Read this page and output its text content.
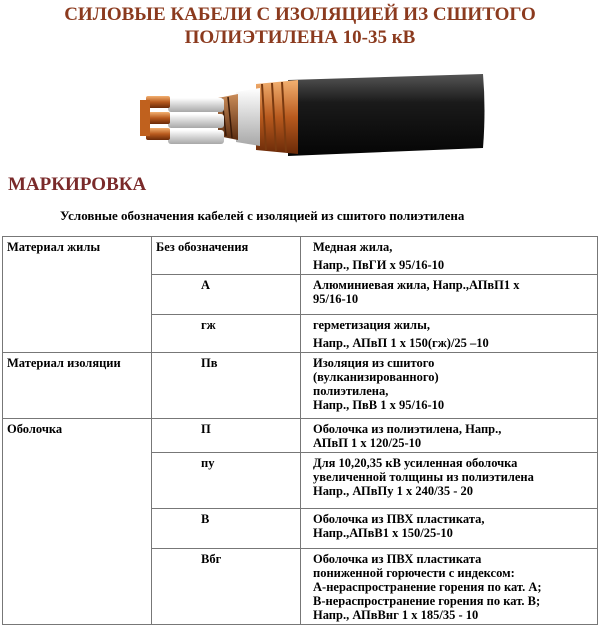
СИЛОВЫЕ КАБЕЛИ С ИЗОЛЯЦИЕЙ ИЗ СШИТОГО
ПОЛИЭТИЛЕНА 10-35 кВ
МАРКИРОВКА
Условные обозначения кабелей с изоляцией из сшитого полиэтилена
Материал жилы	Без обозначения	Медная жила,
Напр., ПвГИ х 95/16-10

	А	Алюминиевая жила, Напр.,АПвП1 х
95/16-10

	гж	герметизация жилы,
Напр., АПвП 1 х 150(гж)/25 –10

Материал изоляции	Пв	Изоляция из сшитого
(вулканизированного)
полиэтилена,
Напр., ПвВ 1 х 95/16-10

Оболочка	П	Оболочка из полиэтилена, Напр.,
АПвП 1 х 120/25-10

	пу	Для 10,20,35 кВ усиленная оболочка
увеличенной толщины из полиэтилена
Напр., АПвПу 1 х 240/35 - 20

	В	Оболочка из ПВХ пластиката,
Напр.,АПвВ1 х 150/25-10

	Вбг	Оболочка из ПВХ пластиката
пониженной горючести с индексом:
А-нераспространение горения по кат. А;
В-нераспространение горения по кат. В;
Напр., АПвВнг 1 х 185/35 - 10
